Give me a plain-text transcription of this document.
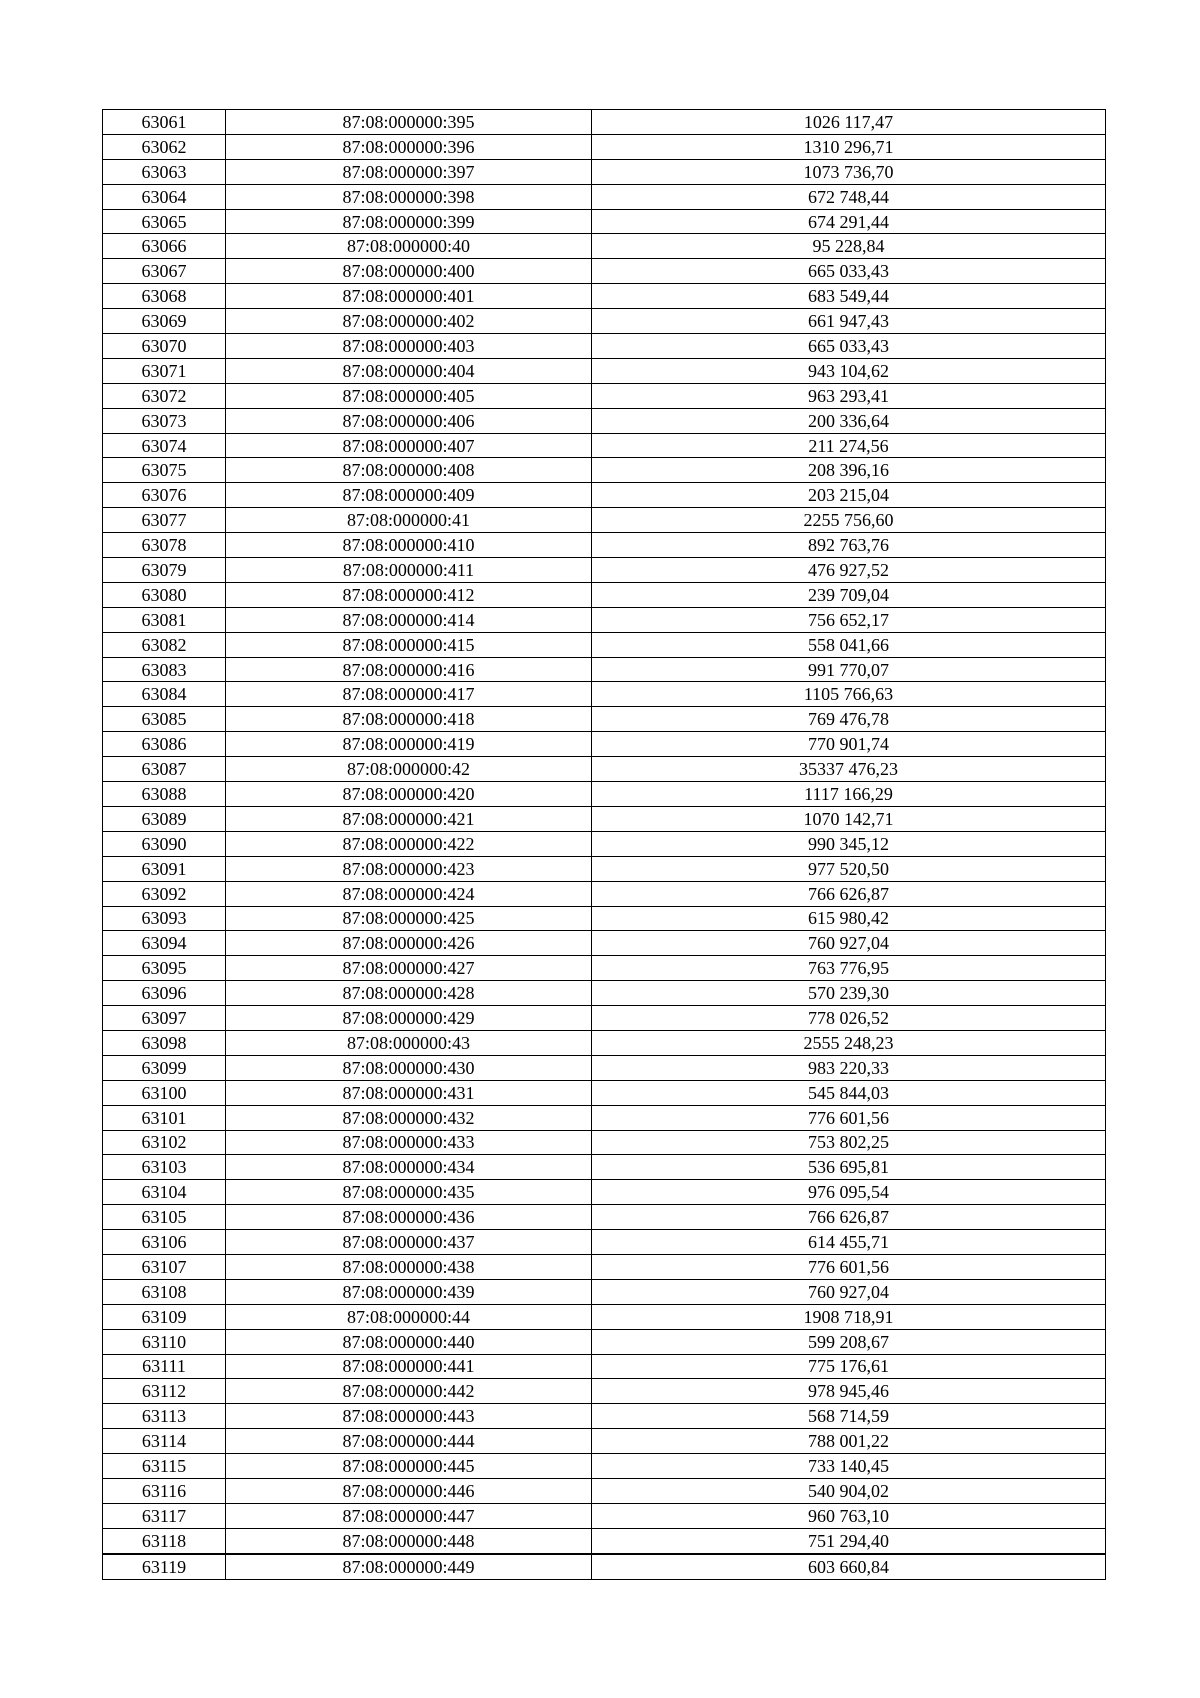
63061	87:08:000000:395	1026 117,47
63062	87:08:000000:396	1310 296,71
63063	87:08:000000:397	1073 736,70
63064	87:08:000000:398	672 748,44
63065	87:08:000000:399	674 291,44
63066	87:08:000000:40	95 228,84
63067	87:08:000000:400	665 033,43
63068	87:08:000000:401	683 549,44
63069	87:08:000000:402	661 947,43
63070	87:08:000000:403	665 033,43
63071	87:08:000000:404	943 104,62
63072	87:08:000000:405	963 293,41
63073	87:08:000000:406	200 336,64
63074	87:08:000000:407	211 274,56
63075	87:08:000000:408	208 396,16
63076	87:08:000000:409	203 215,04
63077	87:08:000000:41	2255 756,60
63078	87:08:000000:410	892 763,76
63079	87:08:000000:411	476 927,52
63080	87:08:000000:412	239 709,04
63081	87:08:000000:414	756 652,17
63082	87:08:000000:415	558 041,66
63083	87:08:000000:416	991 770,07
63084	87:08:000000:417	1105 766,63
63085	87:08:000000:418	769 476,78
63086	87:08:000000:419	770 901,74
63087	87:08:000000:42	35337 476,23
63088	87:08:000000:420	1117 166,29
63089	87:08:000000:421	1070 142,71
63090	87:08:000000:422	990 345,12
63091	87:08:000000:423	977 520,50
63092	87:08:000000:424	766 626,87
63093	87:08:000000:425	615 980,42
63094	87:08:000000:426	760 927,04
63095	87:08:000000:427	763 776,95
63096	87:08:000000:428	570 239,30
63097	87:08:000000:429	778 026,52
63098	87:08:000000:43	2555 248,23
63099	87:08:000000:430	983 220,33
63100	87:08:000000:431	545 844,03
63101	87:08:000000:432	776 601,56
63102	87:08:000000:433	753 802,25
63103	87:08:000000:434	536 695,81
63104	87:08:000000:435	976 095,54
63105	87:08:000000:436	766 626,87
63106	87:08:000000:437	614 455,71
63107	87:08:000000:438	776 601,56
63108	87:08:000000:439	760 927,04
63109	87:08:000000:44	1908 718,91
63110	87:08:000000:440	599 208,67
63111	87:08:000000:441	775 176,61
63112	87:08:000000:442	978 945,46
63113	87:08:000000:443	568 714,59
63114	87:08:000000:444	788 001,22
63115	87:08:000000:445	733 140,45
63116	87:08:000000:446	540 904,02
63117	87:08:000000:447	960 763,10
63118	87:08:000000:448	751 294,40
63119	87:08:000000:449	603 660,84
